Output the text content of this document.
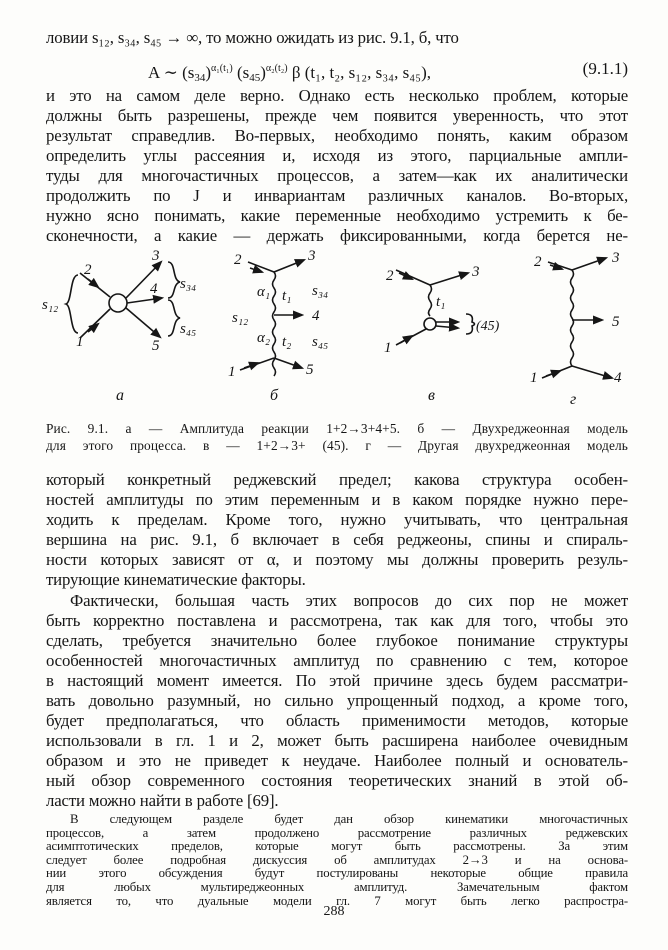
ловии s₁₂, s₃₄, s₄₅ → ∞, то можно ожидать из рис. 9.1, б, что
A ∼ $(s_{34})^{\alpha_1(t_1)}$ $(s_{45})^{\alpha_2(t_2)}$ β (t₁, t₂, s₁₂, s₃₄, s₄₅),	(9.1.1)
и это на самом деле верно. Однако есть несколько проблем, которые
должны быть разрешены, прежде чем появится уверенность, что этот
результат справедлив. Во-первых, необходимо понять, каким образом
определить углы рассеяния и, исходя из этого, парциальные ампли-
туды для многочастичных процессов, а затем—как их аналитически
продолжить по J и инвариантам различных каналов. Во-вторых,
нужно ясно понимать, какие переменные необходимо устремить к бе-
сконечности, а какие — держать фиксированными, когда берется не-
2
3
4
1	5
s₁₂
s₃₄
s₄₅
а
2	3
α₁ t₁ s₃₄
s₁₂	4
α₂ t₂ s₄₅
1	5
б
2	3
t₁
(45)
1
в
2	3
5
1	4
г
Рис. 9.1. а — Амплитуда реакции 1+2→3+4+5. б — Двухреджеонная модель
для этого процесса. в — 1+2→3+ (45). г — Другая двухреджеонная модель
который конкретный реджевский предел; какова структура особен-
ностей амплитуды по этим переменным и в каком порядке нужно пере-
ходить к пределам. Кроме того, нужно учитывать, что центральная
вершина на рис. 9.1, б включает в себя реджеоны, спины и спираль-
ности которых зависят от α, и поэтому мы должны проверить резуль-
тирующие кинематические факторы.
Фактически, большая часть этих вопросов до сих пор не может
быть корректно поставлена и рассмотрена, так как для того, чтобы это
сделать, требуется значительно более глубокое понимание структуры
особенностей многочастичных амплитуд по сравнению с тем, которое
в настоящий момент имеется. По этой причине здесь будем рассматри-
вать довольно разумный, но сильно упрощенный подход, а кроме того,
будет предполагаться, что область применимости методов, которые
использовали в гл. 1 и 2, может быть расширена наиболее очевидным
образом и это не приведет к неудаче. Наиболее полный и основатель-
ный обзор современного состояния теоретических знаний в этой об-
ласти можно найти в работе [69].
288
В следующем разделе будет дан обзор кинематики многочастичных
процессов, а затем продолжено рассмотрение различных реджевских
асимптотических пределов, которые могут быть рассмотрены. За этим
следует более подробная дискуссия об амплитудах 2→3 и на основа-
нии этого обсуждения будут постулированы некоторые общие правила
для любых мультиреджеонных амплитуд. Замечательным фактом
является то, что дуальные модели гл. 7 могут быть легко распростра-
